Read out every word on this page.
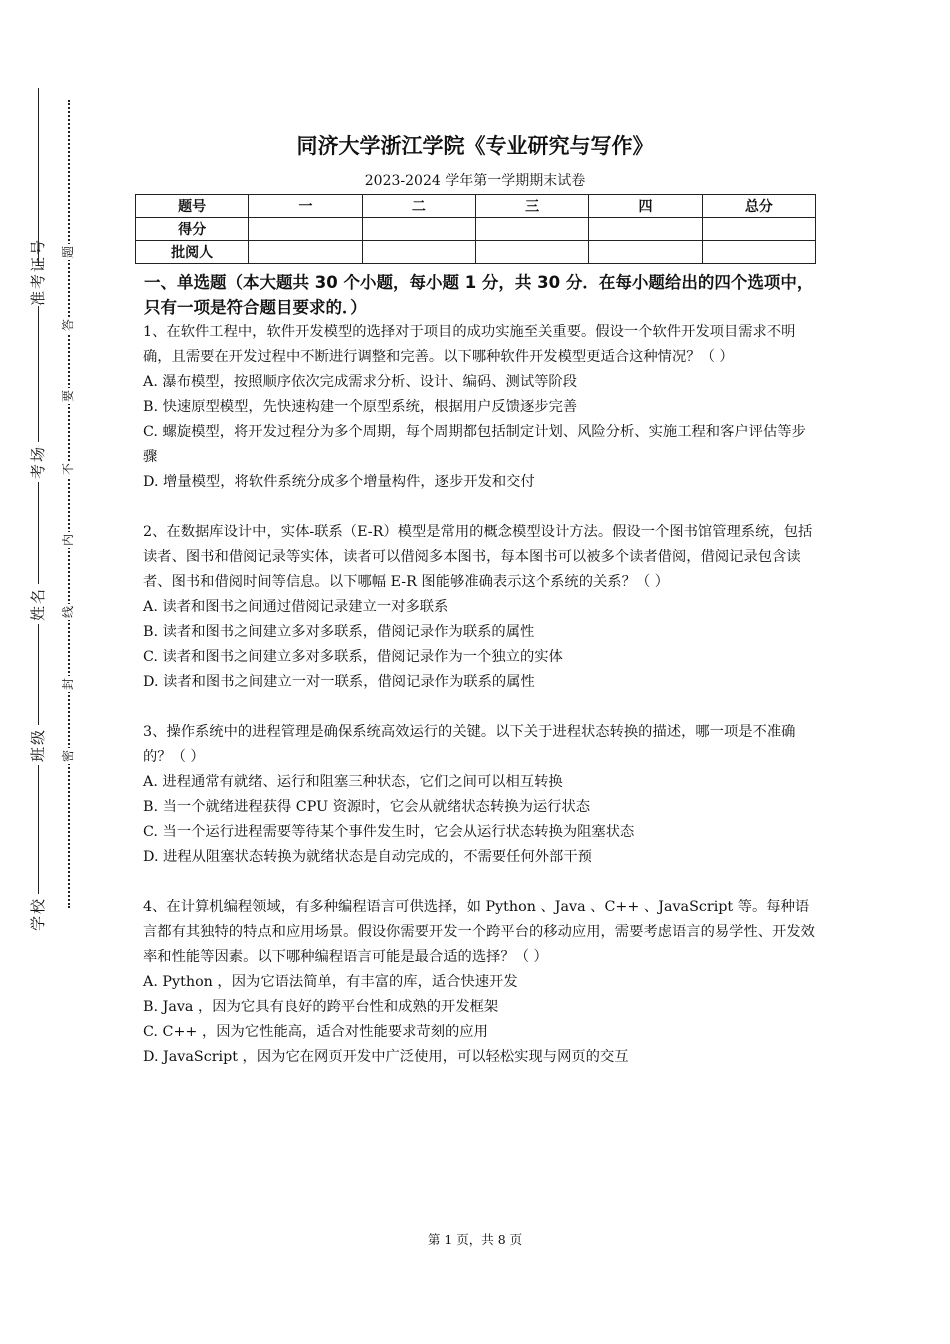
准考证号
考场
姓名
班级
学校
题
答
要
不
内
线
封
密
同济大学浙江学院《专业研究与写作》
2023-2024 学年第一学期期末试卷
题号	一	二	三	四	总分
得分					
批阅人					

一、单选题（本大题共 30 个小题，每小题 1 分，共 30 分．在每小题给出的四个选项中，只有一项是符合题目要求的．）

1、在软件工程中，软件开发模型的选择对于项目的成功实施至关重要。假设一个软件开发项目需求不明确，且需要在开发过程中不断进行调整和完善。以下哪种软件开发模型更适合这种情况？（ ）

A. 瀑布模型，按照顺序依次完成需求分析、设计、编码、测试等阶段

B. 快速原型模型，先快速构建一个原型系统，根据用户反馈逐步完善

C. 螺旋模型，将开发过程分为多个周期，每个周期都包括制定计划、风险分析、实施工程和客户评估等步骤

D. 增量模型，将软件系统分成多个增量构件，逐步开发和交付

2、在数据库设计中，实体-联系（E-R）模型是常用的概念模型设计方法。假设一个图书馆管理系统，包括读者、图书和借阅记录等实体，读者可以借阅多本图书，每本图书可以被多个读者借阅，借阅记录包含读者、图书和借阅时间等信息。以下哪幅 E-R 图能够准确表示这个系统的关系？（ ）

A. 读者和图书之间通过借阅记录建立一对多联系

B. 读者和图书之间建立多对多联系，借阅记录作为联系的属性

C. 读者和图书之间建立多对多联系，借阅记录作为一个独立的实体

D. 读者和图书之间建立一对一联系，借阅记录作为联系的属性

3、操作系统中的进程管理是确保系统高效运行的关键。以下关于进程状态转换的描述，哪一项是不准确的？（ ）

A. 进程通常有就绪、运行和阻塞三种状态，它们之间可以相互转换

B. 当一个就绪进程获得 CPU 资源时，它会从就绪状态转换为运行状态

C. 当一个运行进程需要等待某个事件发生时，它会从运行状态转换为阻塞状态

D. 进程从阻塞状态转换为就绪状态是自动完成的，不需要任何外部干预

4、在计算机编程领域，有多种编程语言可供选择，如 Python 、Java 、C++ 、JavaScript 等。每种语言都有其独特的特点和应用场景。假设你需要开发一个跨平台的移动应用，需要考虑语言的易学性、开发效率和性能等因素。以下哪种编程语言可能是最合适的选择？（ ）

A. Python ，因为它语法简单，有丰富的库，适合快速开发

B. Java ，因为它具有良好的跨平台性和成熟的开发框架

C. C++ ，因为它性能高，适合对性能要求苛刻的应用

D. JavaScript ，因为它在网页开发中广泛使用，可以轻松实现与网页的交互

第 1 页，共 8 页
